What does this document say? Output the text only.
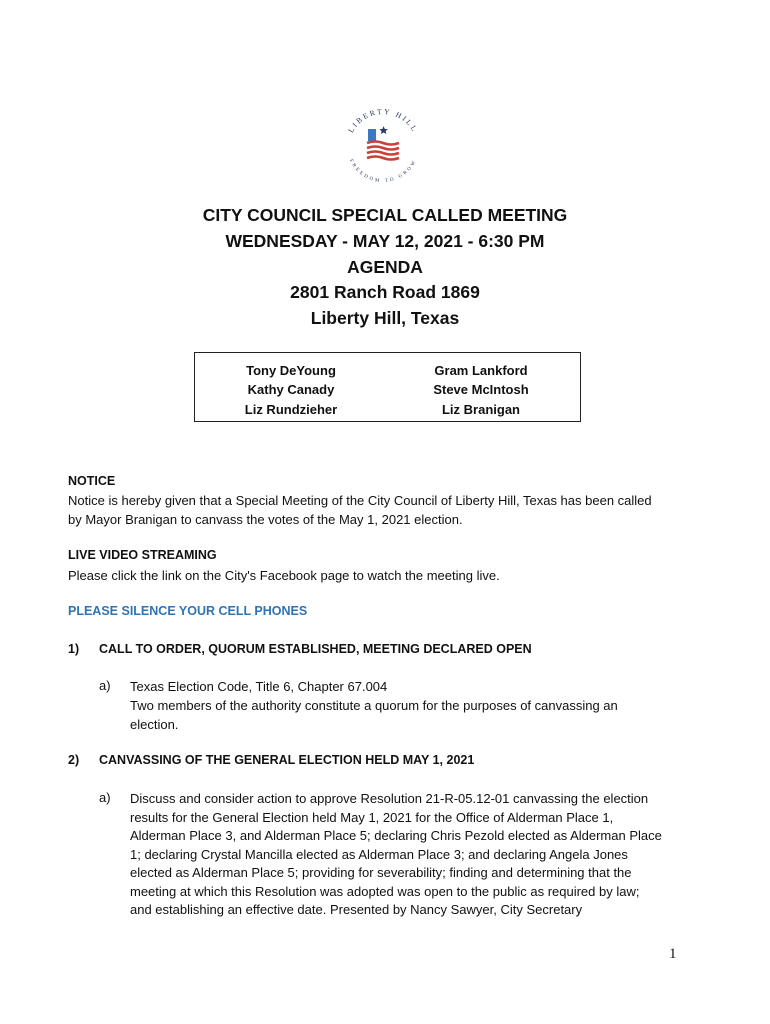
LIBERTY HILL
FREEDOM TO GROW
CITY COUNCIL SPECIAL CALLED MEETING
WEDNESDAY - MAY 12, 2021 - 6:30 PM
AGENDA
2801 Ranch Road 1869
Liberty Hill, Texas
Tony DeYoung
Kathy Canady
Liz Rundzieher
Gram Lankford
Steve McIntosh
Liz Branigan
NOTICE
Notice is hereby given that a Special Meeting of the City Council of Liberty Hill, Texas has been called
by Mayor Branigan to canvass the votes of the May 1, 2021 election.
LIVE VIDEO STREAMING
Please click the link on the City's Facebook page to watch the meeting live.
PLEASE SILENCE YOUR CELL PHONES
1) CALL TO ORDER, QUORUM ESTABLISHED, MEETING DECLARED OPEN
a) Texas Election Code, Title 6, Chapter 67.004
Two members of the authority constitute a quorum for the purposes of canvassing an
election.
2) CANVASSING OF THE GENERAL ELECTION HELD MAY 1, 2021
a) Discuss and consider action to approve Resolution 21-R-05.12-01 canvassing the election
results for the General Election held May 1, 2021 for the Office of Alderman Place 1,
Alderman Place 3, and Alderman Place 5; declaring Chris Pezold elected as Alderman Place
1; declaring Crystal Mancilla elected as Alderman Place 3; and declaring Angela Jones
elected as Alderman Place 5; providing for severability; finding and determining that the
meeting at which this Resolution was adopted was open to the public as required by law;
and establishing an effective date. Presented by Nancy Sawyer, City Secretary
1
